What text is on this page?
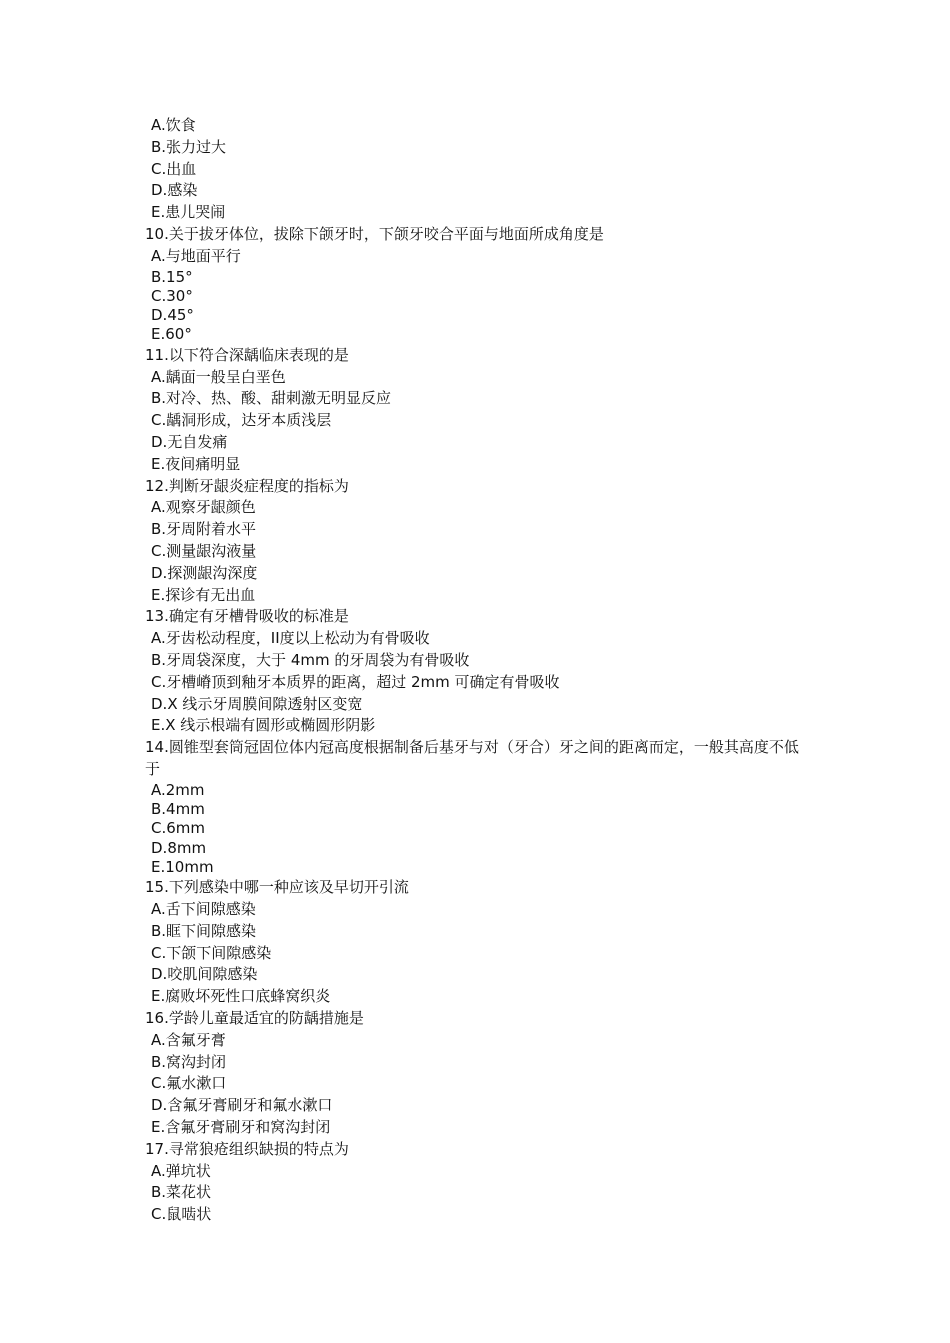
A.饮食
B.张力过大
C.出血
D.感染
E.患儿哭闹
10.关于拔牙体位，拔除下颌牙时，下颌牙咬合平面与地面所成角度是
A.与地面平行
B.15°
C.30°
D.45°
E.60°
11.以下符合深龋临床表现的是
A.龋面一般呈白垩色
B.对冷、热、酸、甜刺激无明显反应
C.龋洞形成，达牙本质浅层
D.无自发痛
E.夜间痛明显
12.判断牙龈炎症程度的指标为
A.观察牙龈颜色
B.牙周附着水平
C.测量龈沟液量
D.探测龈沟深度
E.探诊有无出血
13.确定有牙槽骨吸收的标准是
A.牙齿松动程度，II度以上松动为有骨吸收
B.牙周袋深度，大于 4mm 的牙周袋为有骨吸收
C.牙槽嵴顶到釉牙本质界的距离，超过 2mm 可确定有骨吸收
D.X 线示牙周膜间隙透射区变宽
E.X 线示根端有圆形或椭圆形阴影
14.圆锥型套筒冠固位体内冠高度根据制备后基牙与对（牙合）牙之间的距离而定，一般其高度不低于
A.2mm
B.4mm
C.6mm
D.8mm
E.10mm
15.下列感染中哪一种应该及早切开引流
A.舌下间隙感染
B.眶下间隙感染
C.下颌下间隙感染
D.咬肌间隙感染
E.腐败坏死性口底蜂窝织炎
16.学龄儿童最适宜的防龋措施是
A.含氟牙膏
B.窝沟封闭
C.氟水漱口
D.含氟牙膏刷牙和氟水漱口
E.含氟牙膏刷牙和窝沟封闭
17.寻常狼疮组织缺损的特点为
A.弹坑状
B.菜花状
C.鼠啮状
